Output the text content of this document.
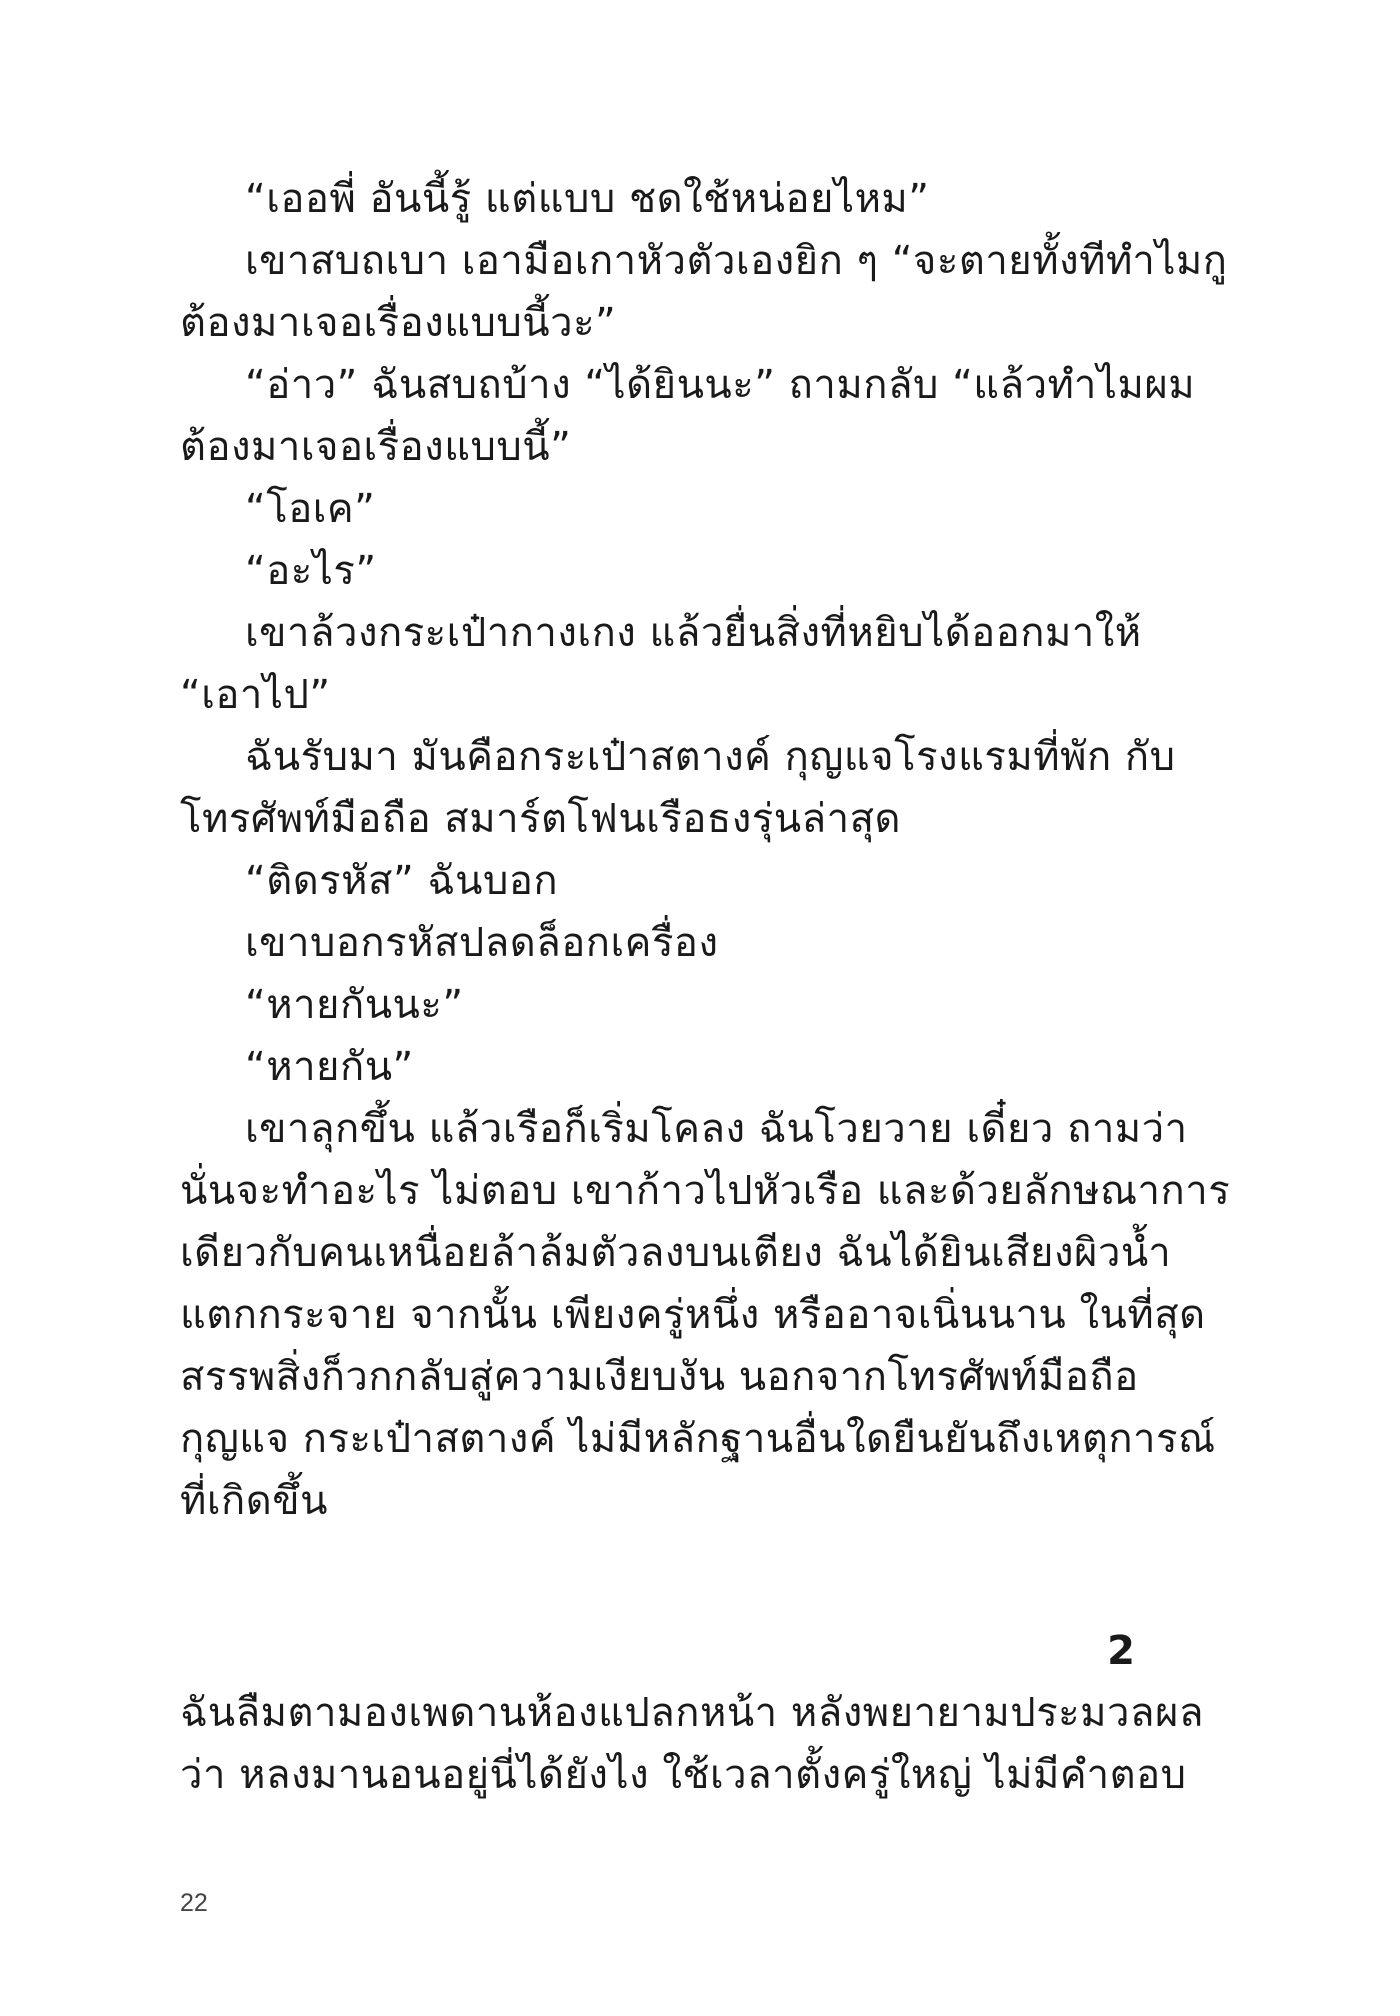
“เออพี่ อันนี้รู้ แต่แบบ ชดใช้หน่อยไหม”
เขาสบถเบา เอามือเกาหัวตัวเองยิก ๆ “จะตายทั้งทีทำไมกู
ต้องมาเจอเรื่องแบบนี้วะ”
“อ่าว” ฉันสบถบ้าง “ได้ยินนะ” ถามกลับ “แล้วทำไมผม
ต้องมาเจอเรื่องแบบนี้”
“โอเค”
“อะไร”
เขาล้วงกระเป๋ากางเกง แล้วยื่นสิ่งที่หยิบได้ออกมาให้
“เอาไป”
ฉันรับมา มันคือกระเป๋าสตางค์ กุญแจโรงแรมที่พัก กับ
โทรศัพท์มือถือ สมาร์ตโฟนเรือธงรุ่นล่าสุด
“ติดรหัส” ฉันบอก
เขาบอกรหัสปลดล็อกเครื่อง
“หายกันนะ”
“หายกัน”
เขาลุกขึ้น แล้วเรือก็เริ่มโคลง ฉันโวยวาย เดี๋ยว ถามว่า
นั่นจะทำอะไร ไม่ตอบ เขาก้าวไปหัวเรือ และด้วยลักษณาการ
เดียวกับคนเหนื่อยล้าล้มตัวลงบนเตียง ฉันได้ยินเสียงผิวน้ำ
แตกกระจาย จากนั้น เพียงครู่หนึ่ง หรืออาจเนิ่นนาน ในที่สุด
สรรพสิ่งก็วกกลับสู่ความเงียบงัน นอกจากโทรศัพท์มือถือ
กุญแจ กระเป๋าสตางค์ ไม่มีหลักฐานอื่นใดยืนยันถึงเหตุการณ์
ที่เกิดขึ้น
2
ฉันลืมตามองเพดานห้องแปลกหน้า หลังพยายามประมวลผล
ว่า หลงมานอนอยู่นี่ได้ยังไง ใช้เวลาตั้งครู่ใหญ่ ไม่มีคำตอบ
22
